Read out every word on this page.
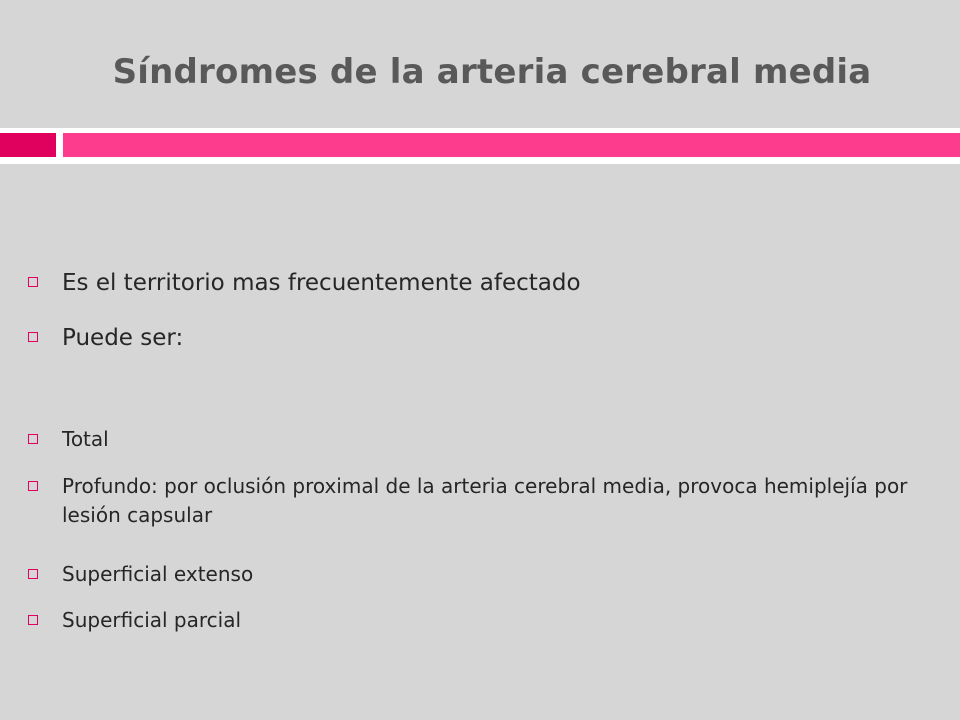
Síndromes de la arteria cerebral media
Es el territorio mas frecuentemente afectado
Puede ser:
Total
Profundo: por oclusión proximal de la arteria cerebral media, provoca hemiplejía por lesión capsular
Superficial extenso
Superficial parcial
